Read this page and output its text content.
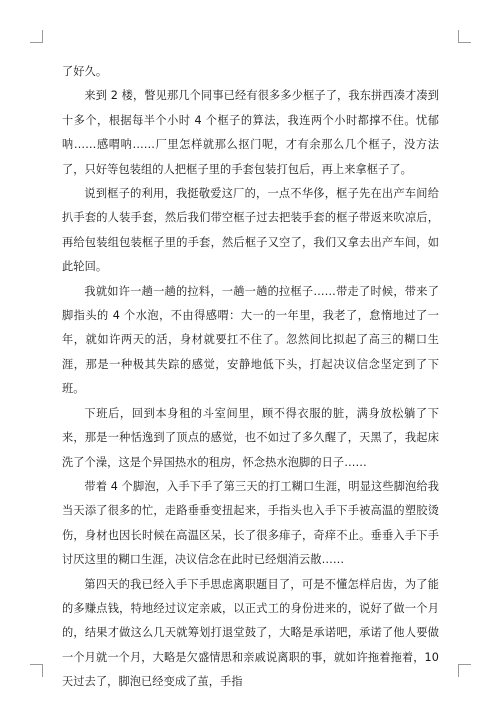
了好久。

来到 2 楼，瞥见那几个同事已经有很多多少框子了，我东拼西凑才凑到十多个，根据每半个小时 4 个框子的算法，我连两个小时都撑不住。忧郁呐……感喟呐……厂里怎样就那么抠门呢，才有余那么几个框子，没方法了，只好等包装组的人把框子里的手套包装打包后，再上来拿框子了。

说到框子的利用，我挺敬爱这厂的，一点不华侈，框子先在出产车间给扒手套的人装手套，然后我们带空框子过去把装手套的框子带返来吹凉后，再给包装组包装框子里的手套，然后框子又空了，我们又拿去出产车间，如此轮回。

我就如许一趟一趟的拉料，一趟一趟的拉框子……带走了时候，带来了脚指头的 4 个水泡，不由得感喟：大一的一年里，我老了，怠惰地过了一年，就如许两天的活，身材就要扛不住了。忽然间比拟起了高三的糊口生涯，那是一种极其失踪的感觉，安静地低下头，打起决议信念坚定到了下班。

下班后，回到本身租的斗室间里，顾不得衣服的脏，满身放松躺了下来，那是一种恬逸到了顶点的感觉，也不如过了多久醒了，天黑了，我起床洗了个澡，这是个异国热水的租房，怀念热水泡脚的日子……

带着 4 个脚泡，入手下手了第三天的打工糊口生涯，明显这些脚泡给我当天添了很多的忙，走路垂垂变扭起来，手指头也入手下手被高温的塑胶烫伤，身材也因长时候在高温区呆，长了很多痱子，奇痒不止。垂垂入手下手讨厌这里的糊口生涯，决议信念在此时已经烟消云散……

第四天的我已经入手下手思虑离职题目了，可是不懂怎样启齿，为了能的多赚点钱，特地经过议定亲戚，以正式工的身份进来的，说好了做一个月的，结果才做这么几天就筹划打退堂鼓了，大略是承诺吧，承诺了他人要做一个月就一个月，大略是欠盛情思和亲戚说离职的事，就如许拖着拖着，10 天过去了，脚泡已经变成了茧，手指
